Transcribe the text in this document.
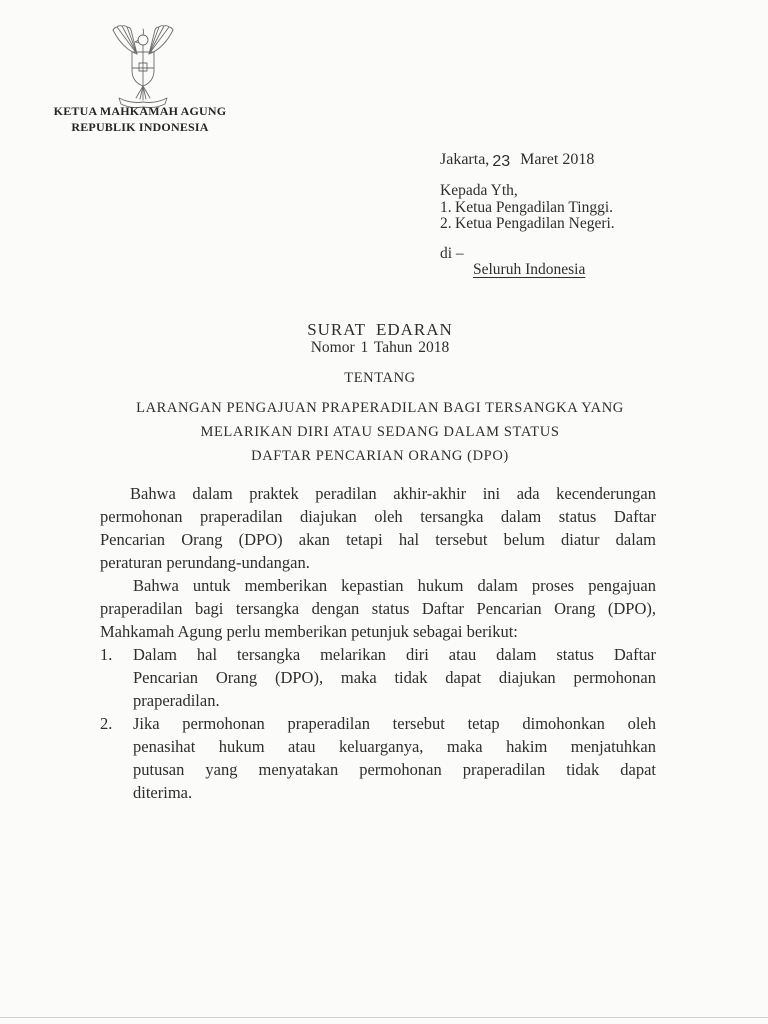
KETUA MAHKAMAH AGUNG
REPUBLIK INDONESIA
Jakarta, 23 Maret 2018
Kepada Yth,
1. Ketua Pengadilan Tinggi.
2. Ketua Pengadilan Negeri.
di –
Seluruh Indonesia
SURAT EDARAN
Nomor 1 Tahun 2018
TENTANG
LARANGAN PENGAJUAN PRAPERADILAN BAGI TERSANGKA YANG
MELARIKAN DIRI ATAU SEDANG DALAM STATUS
DAFTAR PENCARIAN ORANG (DPO)
Bahwa dalam praktek peradilan akhir-akhir ini ada kecenderungan
permohonan praperadilan diajukan oleh tersangka dalam status Daftar
Pencarian Orang (DPO) akan tetapi hal tersebut belum diatur dalam
peraturan perundang-undangan.
Bahwa untuk memberikan kepastian hukum dalam proses pengajuan
praperadilan bagi tersangka dengan status Daftar Pencarian Orang (DPO),
Mahkamah Agung perlu memberikan petunjuk sebagai berikut:
1.	Dalam hal tersangka melarikan diri atau dalam status Daftar
Pencarian Orang (DPO), maka tidak dapat diajukan permohonan
praperadilan.
2.	Jika permohonan praperadilan tersebut tetap dimohonkan oleh
penasihat hukum atau keluarganya, maka hakim menjatuhkan
putusan yang menyatakan permohonan praperadilan tidak dapat
diterima.
